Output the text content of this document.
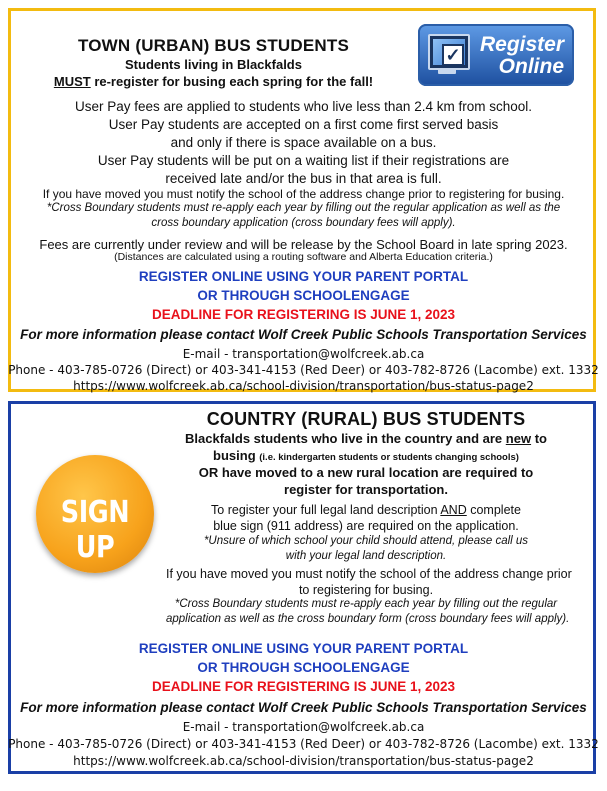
TOWN (URBAN) BUS STUDENTS

Students living in Blackfalds

MUST re-register for busing each spring for the fall!

✓ Register
Online

User Pay fees are applied to students who live less than 2.4 km from school.

User Pay students are accepted on a first come first served basis

and only if there is space available on a bus.

User Pay students will be put on a waiting list if their registrations are

received late and/or the bus in that area is full.

If you have moved you must notify the school of the address change prior to registering for busing.

*Cross Boundary students must re-apply each year by filling out the regular application as well as the

cross boundary application (cross boundary fees will apply).

Fees are currently under review and will be release by the School Board in late spring 2023.

(Distances are calculated using a routing software and Alberta Education criteria.)

REGISTER ONLINE USING YOUR PARENT PORTAL

OR THROUGH SCHOOLENGAGE

DEADLINE FOR REGISTERING IS JUNE 1, 2023

For more information please contact Wolf Creek Public Schools Transportation Services

E-mail - transportation@wolfcreek.ab.ca

Phone - 403-785-0726 (Direct) or 403-341-4153 (Red Deer) or 403-782-8726 (Lacombe) ext. 1332

https://www.wolfcreek.ab.ca/school-division/transportation/bus-status-page2

SIGN UP

COUNTRY (RURAL) BUS STUDENTS

Blackfalds students who live in the country and are new to

busing (i.e. kindergarten students or students changing schools)

OR have moved to a new rural location are required to

register for transportation.

To register your full legal land description AND complete

blue sign (911 address) are required on the application.

*Unsure of which school your child should attend, please call us

with your legal land description.

If you have moved you must notify the school of the address change prior

to registering for busing.

*Cross Boundary students must re-apply each year by filling out the regular

application as well as the cross boundary form (cross boundary fees will apply).

REGISTER ONLINE USING YOUR PARENT PORTAL

OR THROUGH SCHOOLENGAGE

DEADLINE FOR REGISTERING IS JUNE 1, 2023

For more information please contact Wolf Creek Public Schools Transportation Services

E-mail - transportation@wolfcreek.ab.ca

Phone - 403-785-0726 (Direct) or 403-341-4153 (Red Deer) or 403-782-8726 (Lacombe) ext. 1332

https://www.wolfcreek.ab.ca/school-division/transportation/bus-status-page2
